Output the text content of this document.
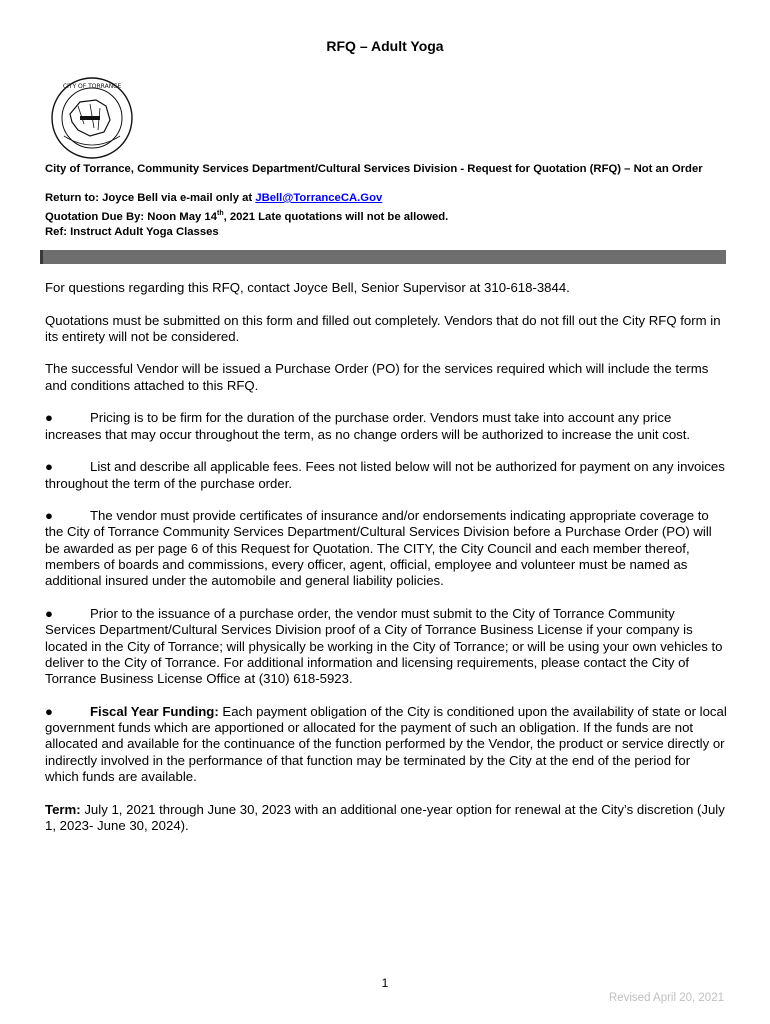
RFQ – Adult Yoga
CITY OF TORRANCE

City of Torrance, Community Services Department/Cultural Services Division - Request for Quotation (RFQ) – Not an Order

Return to: Joyce Bell via e-mail only at JBell@TorranceCA.Gov

Quotation Due By: Noon May 14th, 2021 Late quotations will not be allowed.

Ref: Instruct Adult Yoga Classes

For questions regarding this RFQ, contact Joyce Bell, Senior Supervisor at 310-618-3844.

Quotations must be submitted on this form and filled out completely. Vendors that do not fill out the City RFQ form in its entirety will not be considered.

The successful Vendor will be issued a Purchase Order (PO) for the services required which will include the terms and conditions attached to this RFQ.

●	Pricing is to be firm for the duration of the purchase order. Vendors must take into account any price increases that may occur throughout the term, as no change orders will be authorized to increase the unit cost.

●	List and describe all applicable fees. Fees not listed below will not be authorized for payment on any invoices throughout the term of the purchase order.

●	The vendor must provide certificates of insurance and/or endorsements indicating appropriate coverage to the City of Torrance Community Services Department/Cultural Services Division before a Purchase Order (PO) will be awarded as per page 6 of this Request for Quotation. The CITY, the City Council and each member thereof, members of boards and commissions, every officer, agent, official, employee and volunteer must be named as additional insured under the automobile and general liability policies.

●	Prior to the issuance of a purchase order, the vendor must submit to the City of Torrance Community Services Department/Cultural Services Division proof of a City of Torrance Business License if your company is located in the City of Torrance; will physically be working in the City of Torrance; or will be using your own vehicles to deliver to the City of Torrance. For additional information and licensing requirements, please contact the City of Torrance Business License Office at (310) 618-5923.

●	Fiscal Year Funding: Each payment obligation of the City is conditioned upon the availability of state or local government funds which are apportioned or allocated for the payment of such an obligation. If the funds are not allocated and available for the continuance of the function performed by the Vendor, the product or service directly or indirectly involved in the performance of that function may be terminated by the City at the end of the period for which funds are available.

Term: July 1, 2021 through June 30, 2023 with an additional one-year option for renewal at the City’s discretion (July 1, 2023- June 30, 2024).

1
Revised April 20, 2021
